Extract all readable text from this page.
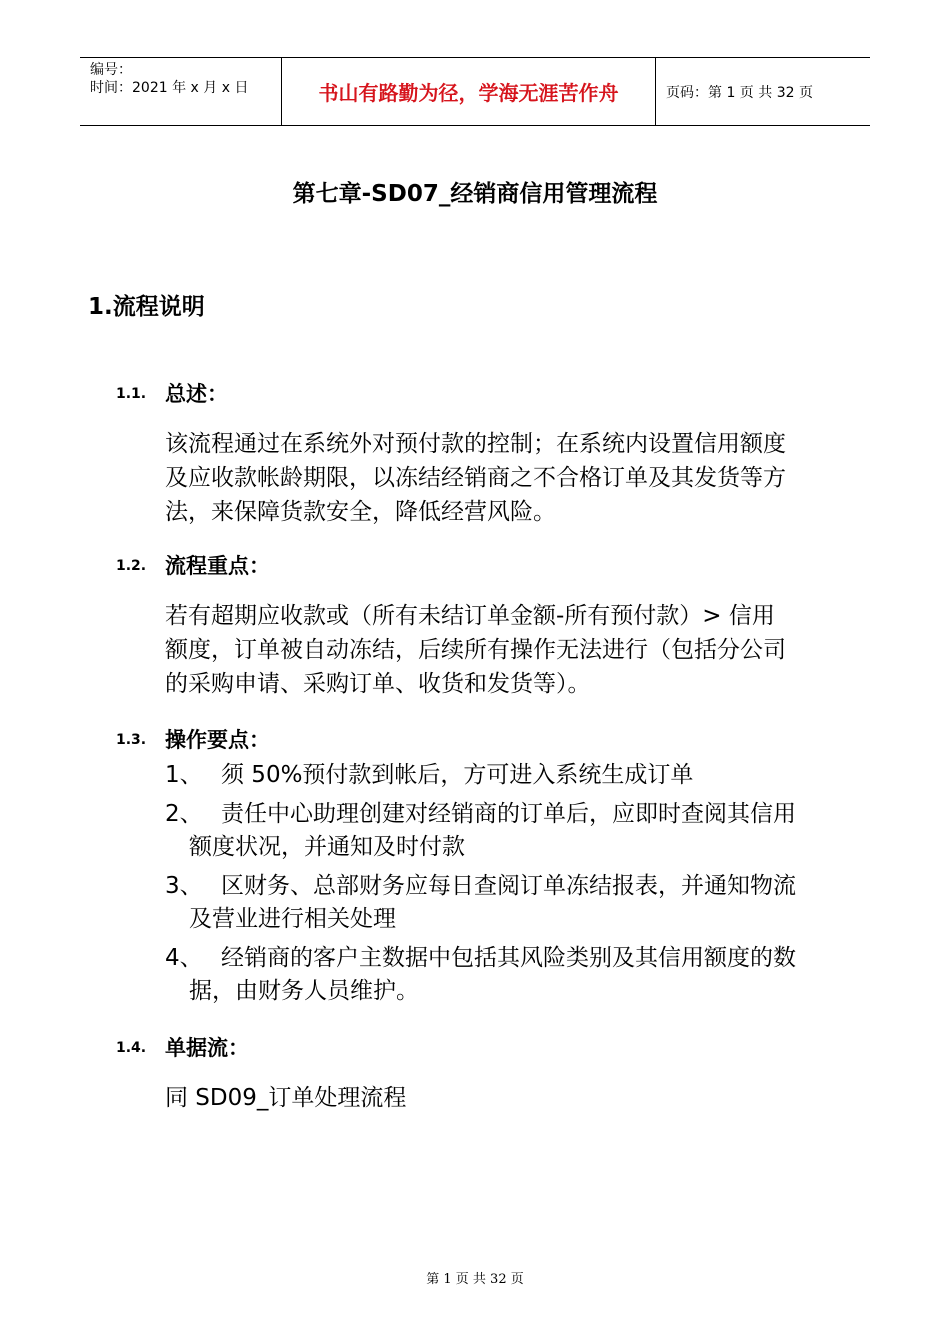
编号：
时间：2021 年 x 月 x 日	书山有路勤为径，学海无涯苦作舟	页码：第 1 页 共 32 页
第七章-SD07_经销商信用管理流程
1.流程说明
1.1. 总述：
该流程通过在系统外对预付款的控制；在系统内设置信用额度
及应收款帐龄期限，以冻结经销商之不合格订单及其发货等方
法，来保障货款安全，降低经营风险。
1.2. 流程重点：
若有超期应收款或（所有未结订单金额-所有预付款）> 信用
额度，订单被自动冻结，后续所有操作无法进行（包括分公司
的采购申请、采购订单、收货和发货等）。
1.3. 操作要点：
1、 须 50%预付款到帐后，方可进入系统生成订单
2、 责任中心助理创建对经销商的订单后，应即时查阅其信用
额度状况，并通知及时付款
3、 区财务、总部财务应每日查阅订单冻结报表，并通知物流
及营业进行相关处理
4、 经销商的客户主数据中包括其风险类别及其信用额度的数
据，由财务人员维护。
1.4. 单据流：
同 SD09_订单处理流程
第 1 页 共 32 页
